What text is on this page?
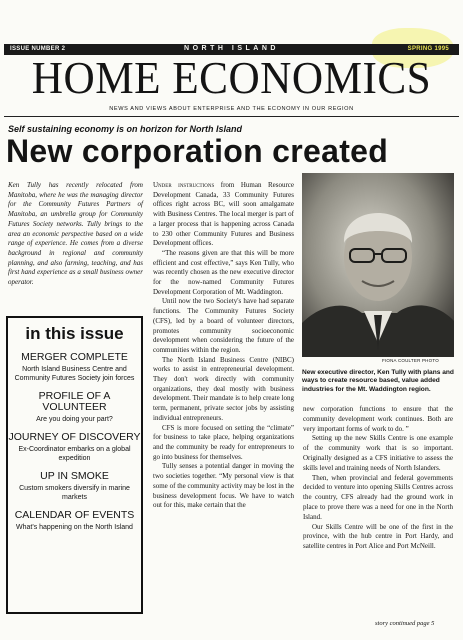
ISSUE NUMBER 2	NORTH ISLAND	SPRING 1995
HOME ECONOMICS
NEWS AND VIEWS ABOUT ENTERPRISE AND THE ECONOMY IN OUR REGION
Self sustaining economy is on horizon for North Island
New corporation created
Ken Tully has recently relocated from Manitoba, where he was the managing director for the Community Futures Partners of Manitoba, an umbrella group for Community Futures Society networks. Tully brings to the area an economic perspective based on a wide range of experience. He comes from a diverse background in regional and community planning, and also farming, teaching, and has first hand experience as a small business owner operator.
in this issue
MERGER COMPLETE
North Island Business Centre and Community Futures Society join forces
PROFILE OF A VOLUNTEER
Are you doing your part?
JOURNEY OF DISCOVERY
Ex-Coordinator embarks on a global expedition
UP IN SMOKE
Custom smokers diversify in marine markets
CALENDAR OF EVENTS
What's happening on the North Island

Under instructions from Human Resource Development Canada, 33 Community Futures offices right across BC, will soon amalgamate with Business Centres. The local merger is part of a larger process that is happening across Canada to 230 other Community Futures and Business Development offices.

“The reasons given are that this will be more efficient and cost effective,” says Ken Tully, who was recently chosen as the new executive director for the now-named Community Futures Development Corporation of Mt. Waddington.

Until now the two Society's have had separate functions. The Community Futures Society (CFS), led by a board of volunteer directors, promotes community socioeconomic development when considering the future of the communities within the region.

The North Island Business Centre (NIBC) works to assist in entrepreneurial development. They don't work directly with community organizations, they deal mostly with business development. Their mandate is to help create long term, permanent, private sector jobs by assisting individual entrepreneurs.

CFS is more focused on setting the “climate” for business to take place, helping organizations and the community be ready for entrepreneurs to go into business for themselves.

Tully senses a potential danger in moving the two societies together. “My personal view is that some of the community activity may be lost in the business development focus. We have to watch out for this, make certain that the

FIONA COULTER PHOTO
New executive director, Ken Tully with plans and ways to create resource based, value added industries for the Mt. Waddington region.

new corporation functions to ensure that the community development work continues. Both are very important forms of work to do. ”

Setting up the new Skills Centre is one example of the community work that is so important. Originally designed as a CFS initiative to assess the skills level and training needs of North Islanders.

Then, when provincial and federal governments decided to venture into opening Skills Centres across the country, CFS already had the ground work in place to prove there was a need for one in the North Island.

Our Skills Centre will be one of the first in the province, with the hub centre in Port Hardy, and satellite centres in Port Alice and Port McNeill.

story continued page 5
